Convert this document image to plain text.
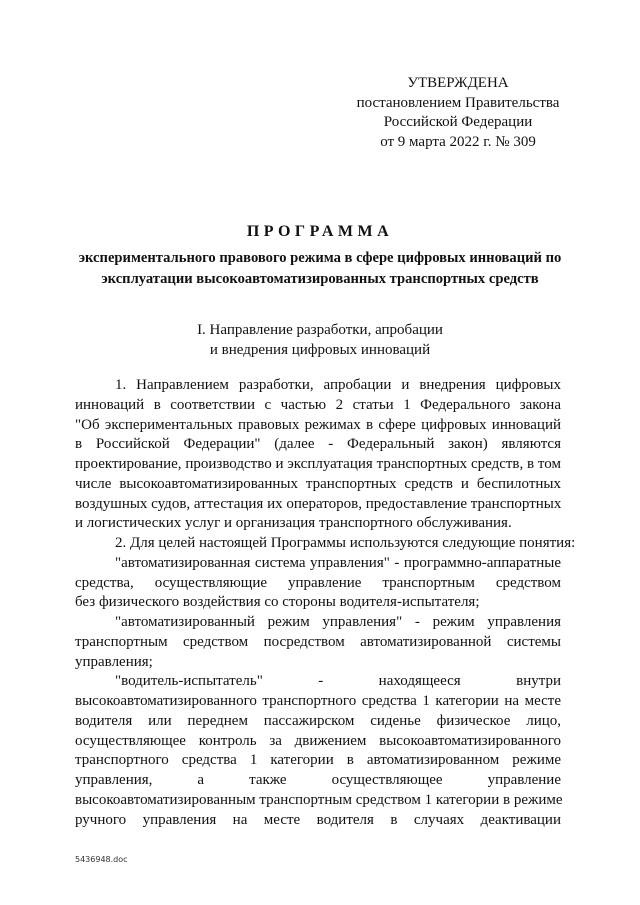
УТВЕРЖДЕНА
постановлением Правительства
Российской Федерации
от 9 марта 2022 г. № 309
ПРОГРАММА
экспериментального правового режима в сфере цифровых инноваций по
эксплуатации высокоавтоматизированных транспортных средств
I. Направление разработки, апробации
и внедрения цифровых инноваций
1. Направлением разработки, апробации и внедрения цифровых
инноваций в соответствии с частью 2 статьи 1 Федерального закона
"Об экспериментальных правовых режимах в сфере цифровых инноваций
в Российской Федерации" (далее - Федеральный закон) являются
проектирование, производство и эксплуатация транспортных средств, в том
числе высокоавтоматизированных транспортных средств и беспилотных
воздушных судов, аттестация их операторов, предоставление транспортных
и логистических услуг и организация транспортного обслуживания.
2. Для целей настоящей Программы используются следующие понятия:
"автоматизированная система управления" - программно-аппаратные
средства, осуществляющие управление транспортным средством
без физического воздействия со стороны водителя-испытателя;
"автоматизированный режим управления" - режим управления
транспортным средством посредством автоматизированной системы
управления;
"водитель-испытатель" - находящееся внутри
высокоавтоматизированного транспортного средства 1 категории на месте
водителя или переднем пассажирском сиденье физическое лицо,
осуществляющее контроль за движением высокоавтоматизированного
транспортного средства 1 категории в автоматизированном режиме
управления, а также осуществляющее управление
высокоавтоматизированным транспортным средством 1 категории в режиме
ручного управления на месте водителя в случаях деактивации
5436948.doc
